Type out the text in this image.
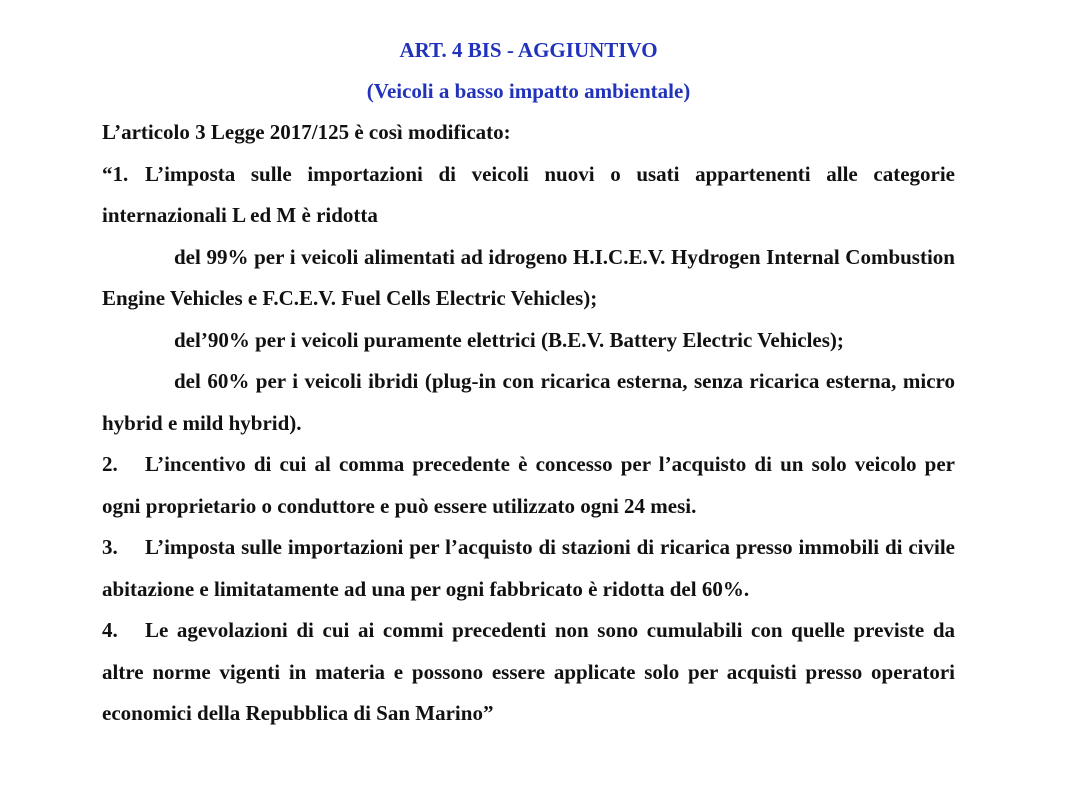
ART. 4 BIS - AGGIUNTIVO

(Veicoli a basso impatto ambientale)

L’articolo 3 Legge 2017/125 è così modificato:

“1. L’imposta sulle importazioni di veicoli nuovi o usati appartenenti alle categorie internazionali L ed M è ridotta

del 99% per i veicoli alimentati ad idrogeno H.I.C.E.V. Hydrogen Internal Combustion Engine Vehicles e F.C.E.V. Fuel Cells Electric Vehicles);

del’90% per i veicoli puramente elettrici (B.E.V. Battery Electric Vehicles);

del 60% per i veicoli ibridi (plug-in con ricarica esterna, senza ricarica esterna, micro hybrid e mild hybrid).

2. L’incentivo di cui al comma precedente è concesso per l’acquisto di un solo veicolo per ogni proprietario o conduttore e può essere utilizzato ogni 24 mesi.

3. L’imposta sulle importazioni per l’acquisto di stazioni di ricarica presso immobili di civile abitazione e limitatamente ad una per ogni fabbricato è ridotta del 60%.

4. Le agevolazioni di cui ai commi precedenti non sono cumulabili con quelle previste da altre norme vigenti in materia e possono essere applicate solo per acquisti presso operatori economici della Repubblica di San Marino”
